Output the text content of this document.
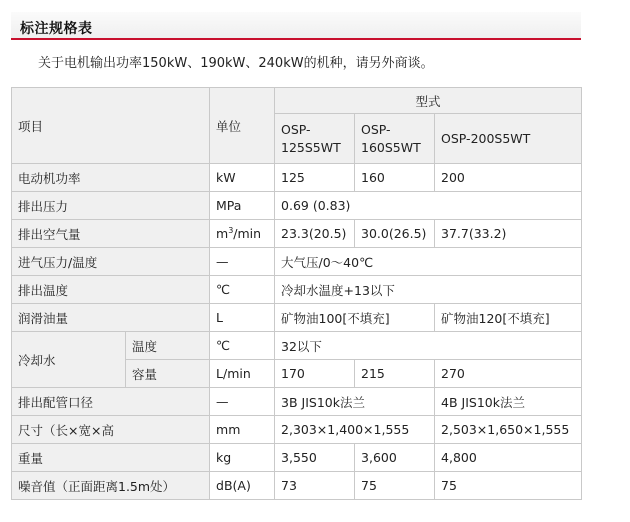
标注规格表
关于电机输出功率150kW、190kW、240kW的机种，请另外商谈。
项目		单位	型式		
			OSP-125S5WT	OSP-160S5WT	OSP-200S5WT
电动机功率		kW	125	160	200
排出压力		MPa	0.69 (0.83)		
排出空气量		$m^3/\min$	23.3(20.5)	30.0(26.5)	37.7(33.2)
进气压力/温度		—	大气压/0～40℃		
排出温度		℃	冷却水温度+13以下		
润滑油量		L	矿物油100[不填充]		矿物油120[不填充]
冷却水	温度	℃	32以下		
	容量	L/min	170	215	270
排出配管口径		—	3B JIS10k法兰		4B JIS10k法兰
尺寸（长×宽×高		mm	2,303×1,400×1,555		2,503×1,650×1,555
重量		kg	3,550	3,600	4,800
噪音值（正面距离1.5m处）		dB(A)	73	75	75
